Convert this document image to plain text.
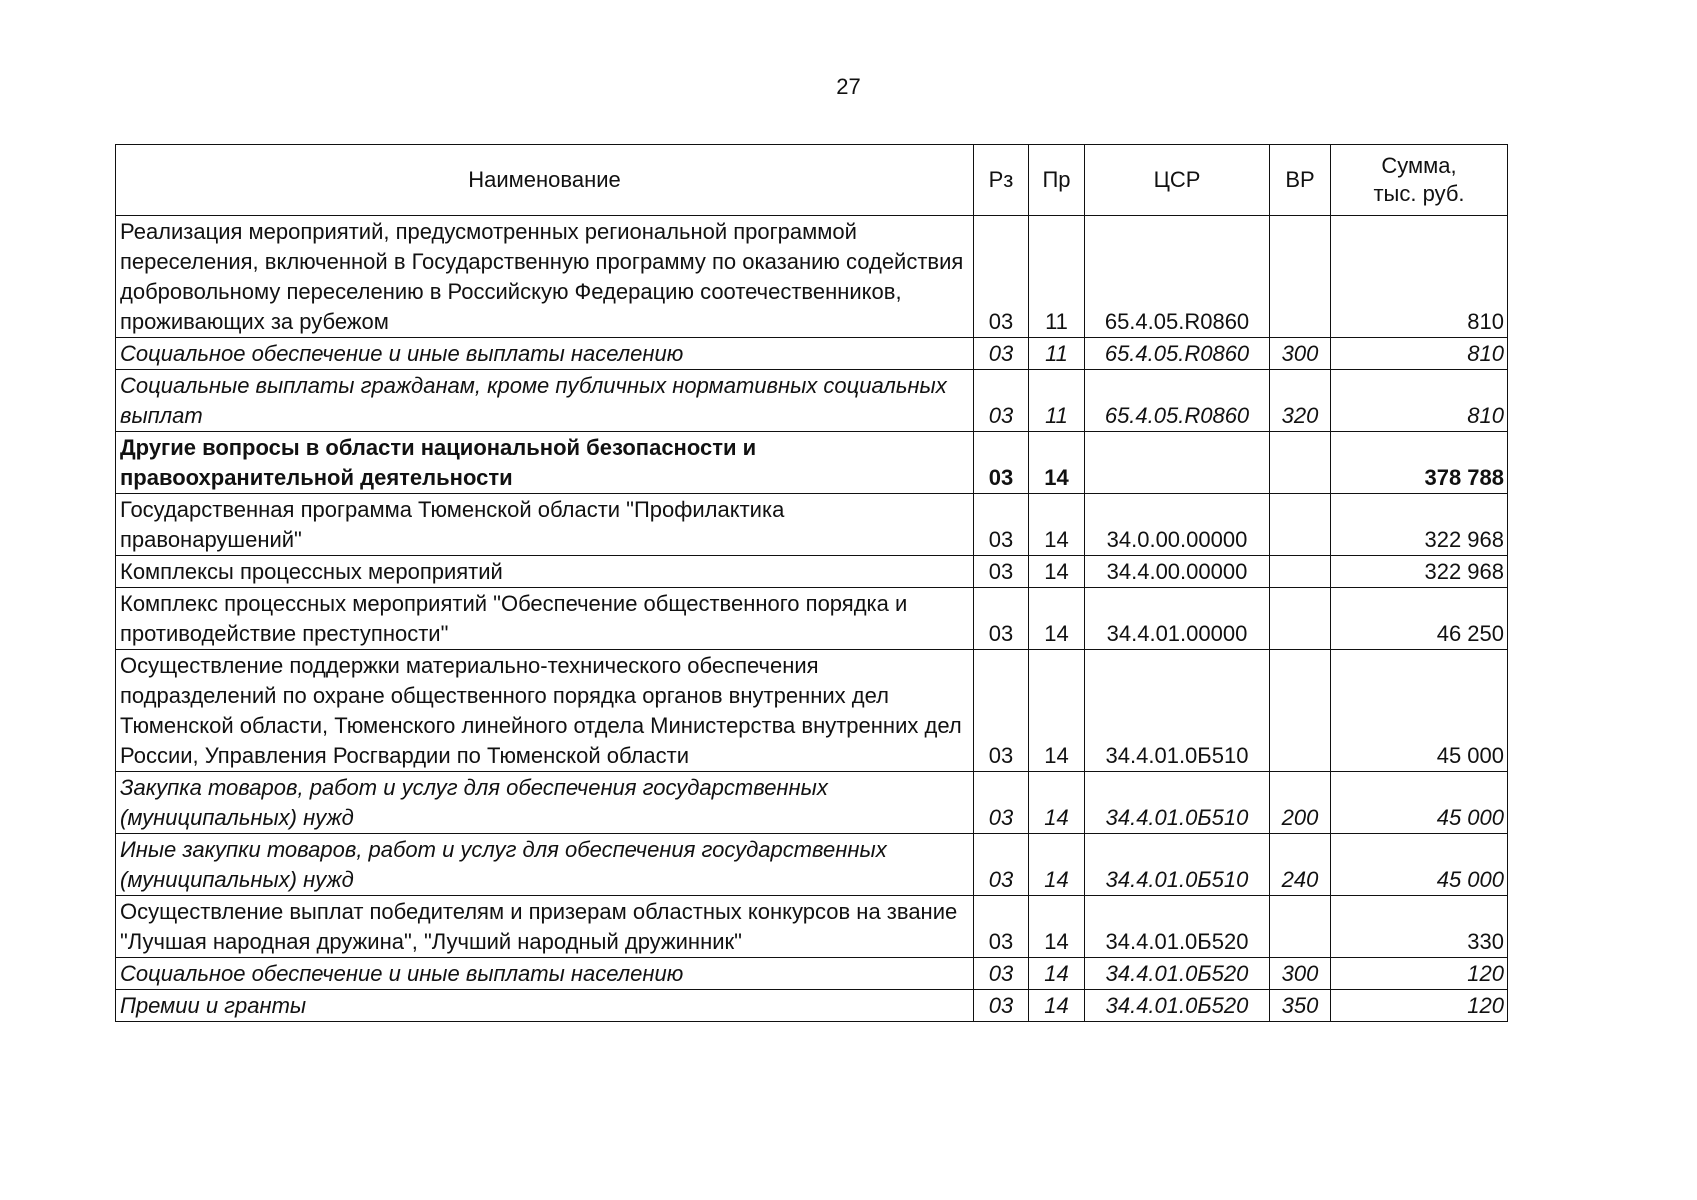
27
Наименование	Рз	Пр	ЦСР	ВР	Сумма,
тыс. руб.
Реализация мероприятий, предусмотренных региональной программой переселения, включенной в Государственную программу по оказанию содействия добровольному переселению в Российскую Федерацию соотечественников, проживающих за рубежом	03	11	65.4.05.R0860		810
Социальное обеспечение и иные выплаты населению	03	11	65.4.05.R0860	300	810
Социальные выплаты гражданам, кроме публичных нормативных социальных выплат	03	11	65.4.05.R0860	320	810
Другие вопросы в области национальной безопасности и правоохранительной деятельности	03	14			378 788
Государственная программа Тюменской области "Профилактика правонарушений"	03	14	34.0.00.00000		322 968
Комплексы процессных мероприятий	03	14	34.4.00.00000		322 968
Комплекс процессных мероприятий "Обеспечение общественного порядка и противодействие преступности"	03	14	34.4.01.00000		46 250
Осуществление поддержки материально-технического обеспечения подразделений по охране общественного порядка органов внутренних дел Тюменской области, Тюменского линейного отдела Министерства внутренних дел России, Управления Росгвардии по Тюменской области	03	14	34.4.01.0Б510		45 000
Закупка товаров, работ и услуг для обеспечения государственных (муниципальных) нужд	03	14	34.4.01.0Б510	200	45 000
Иные закупки товаров, работ и услуг для обеспечения государственных (муниципальных) нужд	03	14	34.4.01.0Б510	240	45 000
Осуществление выплат победителям и призерам областных конкурсов на звание "Лучшая народная дружина", "Лучший народный дружинник"	03	14	34.4.01.0Б520		330
Социальное обеспечение и иные выплаты населению	03	14	34.4.01.0Б520	300	120
Премии и гранты	03	14	34.4.01.0Б520	350	120
